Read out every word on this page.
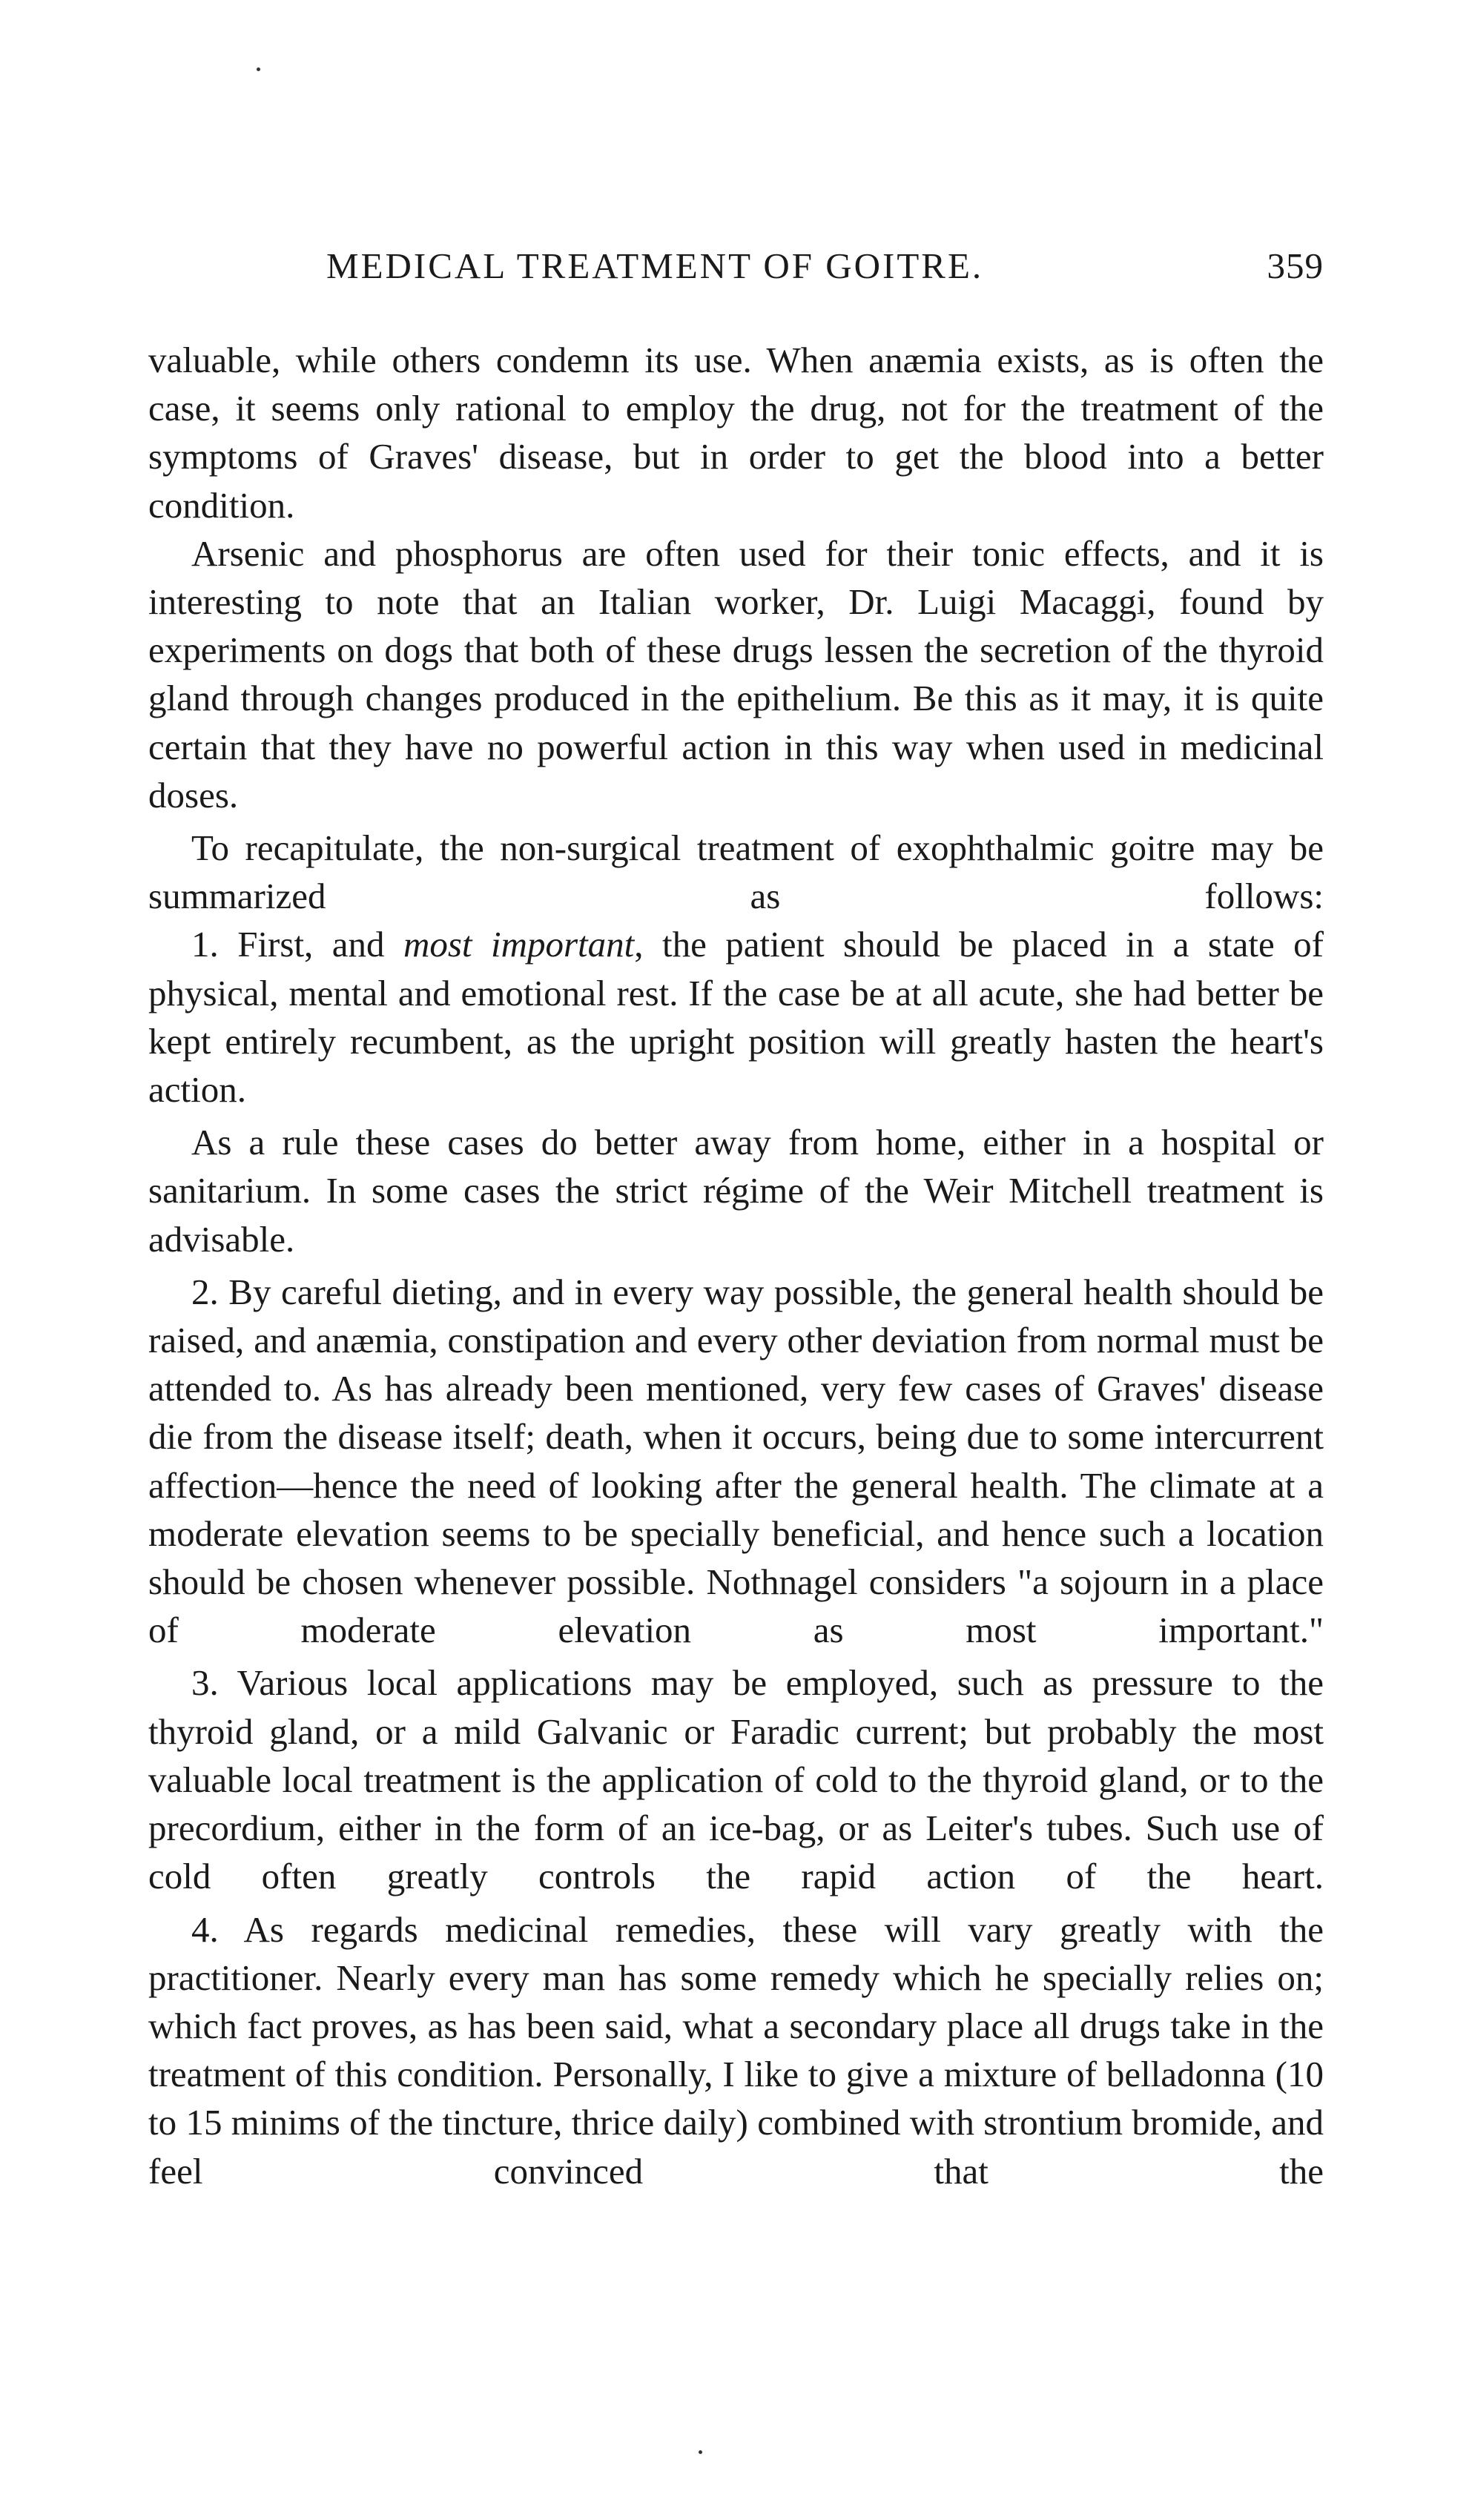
MEDICAL TREATMENT OF GOITRE.	359

valuable, while others condemn its use. When anæmia exists, as is often the case, it seems only rational to employ the drug, not for the treatment of the symptoms of Graves' disease, but in order to get the blood into a better condition.

Arsenic and phosphorus are often used for their tonic effects, and it is interesting to note that an Italian worker, Dr. Luigi Macaggi, found by experiments on dogs that both of these drugs lessen the secretion of the thyroid gland through changes produced in the epithelium. Be this as it may, it is quite certain that they have no powerful action in this way when used in medicinal doses.

To recapitulate, the non-surgical treatment of exophthalmic goitre may be summarized as follows:

1. First, and most important, the patient should be placed in a state of physical, mental and emotional rest. If the case be at all acute, she had better be kept entirely recumbent, as the upright position will greatly hasten the heart's action.

As a rule these cases do better away from home, either in a hospital or sanitarium. In some cases the strict régime of the Weir Mitchell treatment is advisable.

2. By careful dieting, and in every way possible, the general health should be raised, and anæmia, constipation and every other deviation from normal must be attended to. As has already been mentioned, very few cases of Graves' disease die from the disease itself; death, when it occurs, being due to some intercurrent affection—hence the need of looking after the general health. The climate at a moderate elevation seems to be specially beneficial, and hence such a location should be chosen whenever possible. Nothnagel considers "a sojourn in a place of moderate elevation as most important."

3. Various local applications may be employed, such as pressure to the thyroid gland, or a mild Galvanic or Faradic current; but probably the most valuable local treatment is the application of cold to the thyroid gland, or to the precordium, either in the form of an ice-bag, or as Leiter's tubes. Such use of cold often greatly controls the rapid action of the heart.

4. As regards medicinal remedies, these will vary greatly with the practitioner. Nearly every man has some remedy which he specially relies on; which fact proves, as has been said, what a secondary place all drugs take in the treatment of this condition. Personally, I like to give a mixture of belladonna (10 to 15 minims of the tincture, thrice daily) combined with strontium bromide, and feel convinced that the
